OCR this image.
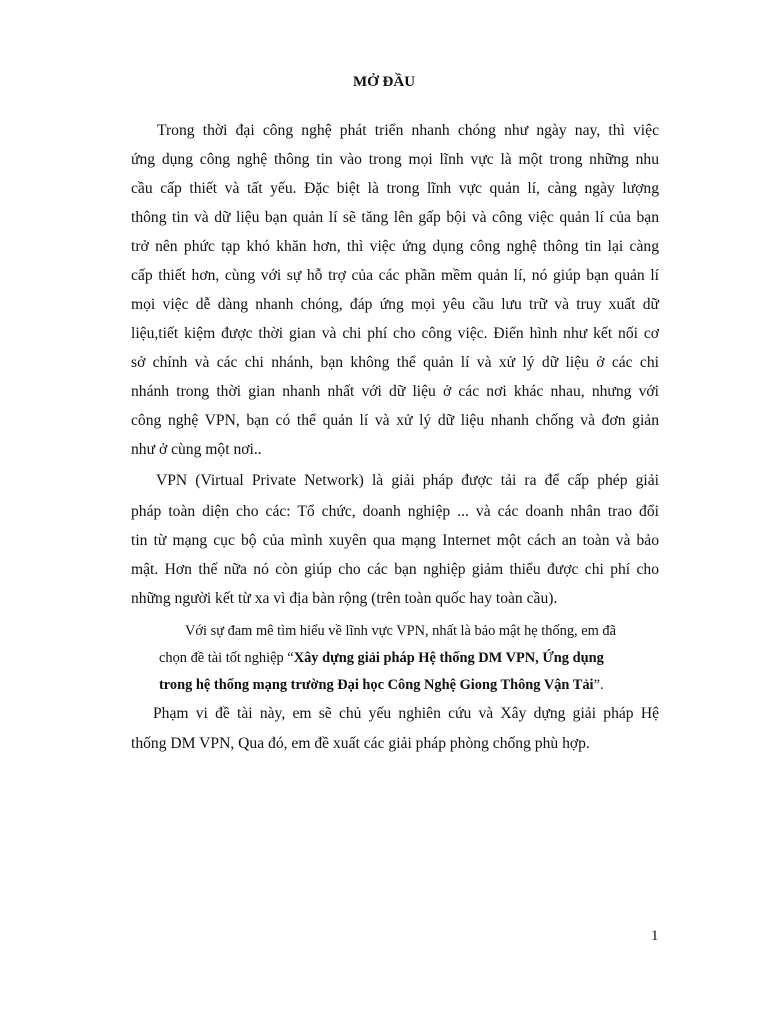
MỞ ĐẦU
Trong thời đại công nghệ phát triển nhanh chóng như ngày nay, thì việc
ứng dụng công nghệ thông tin vào trong mọi lĩnh vực là một trong những nhu
cầu cấp thiết và tất yếu. Đặc biệt là trong lĩnh vực quản lí, càng ngày lượng
thông tin và dữ liệu bạn quản lí sẽ tăng lên gấp bội và công việc quản lí của bạn
trở nên phức tạp khó khăn hơn, thì việc ứng dụng công nghệ thông tin lại càng
cấp thiết hơn, cùng với sự hỗ trợ của các phần mềm quản lí, nó giúp bạn quản lí
mọi việc dễ dàng nhanh chóng, đáp ứng mọi yêu cầu lưu trữ và truy xuất dữ
liệu,tiết kiệm được thời gian và chi phí cho công việc. Điển hình như kết nối cơ
sở chính và các chi nhánh, bạn không thể quản lí và xử lý dữ liệu ở các chi
nhánh trong thời gian nhanh nhất với dữ liệu ở các nơi khác nhau, nhưng với
công nghệ VPN, bạn có thể quản lí và xử lý dữ liệu nhanh chống và đơn giản
như ở cùng một nơi..
VPN (Virtual Private Network) là giải pháp được tải ra để cấp phép giải
pháp toàn diện cho các: Tổ chức, doanh nghiệp ... và các doanh nhân trao đổi
tin từ mạng cục bộ của mình xuyên qua mạng Internet một cách an toàn và bảo
mật. Hơn thế nữa nó còn giúp cho các bạn nghiệp giảm thiểu được chi phí cho
những người kết từ xa vì địa bàn rộng (trên toàn quốc hay toàn cầu).
Với sự đam mê tìm hiểu về lĩnh vực VPN, nhất là bảo mật hẹ thống, em đã
chọn đề tài tốt nghiệp “Xây dựng giải pháp Hệ thống DM VPN, Ứng dụng
trong hệ thống mạng trường Đại học Công Nghệ Giong Thông Vận Tải”.
Phạm vi đề tài này, em sẽ chủ yếu nghiên cứu và Xây dựng giải pháp Hệ
thống DM VPN, Qua đó, em đề xuất các giải pháp phòng chống phù hợp.
1
